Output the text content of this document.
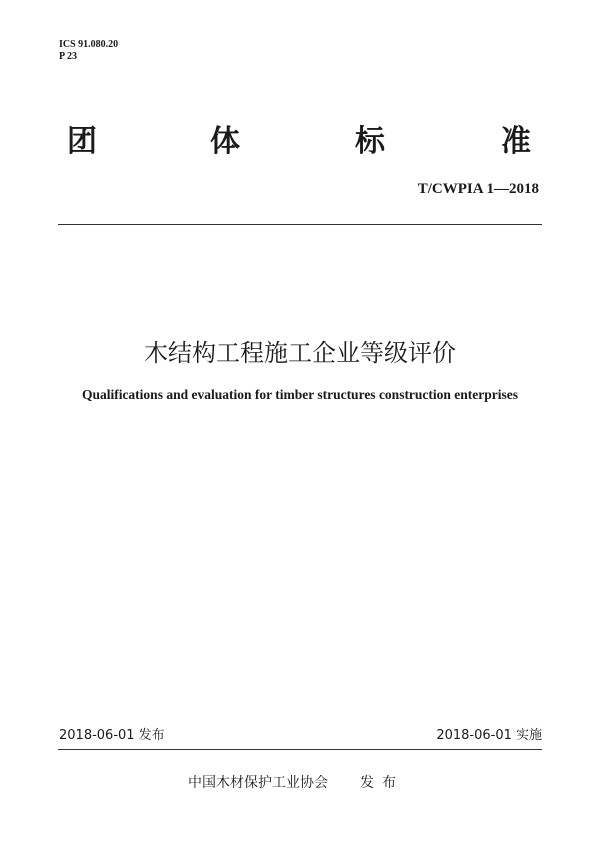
ICS 91.080.20
P 23
团	体	标	准
T/CWPIA 1—2018
木结构工程施工企业等级评价
Qualifications and evaluation for timber structures construction enterprises
2018-06-01 发布	2018-06-01 实施
中国木材保护工业协会 发布
